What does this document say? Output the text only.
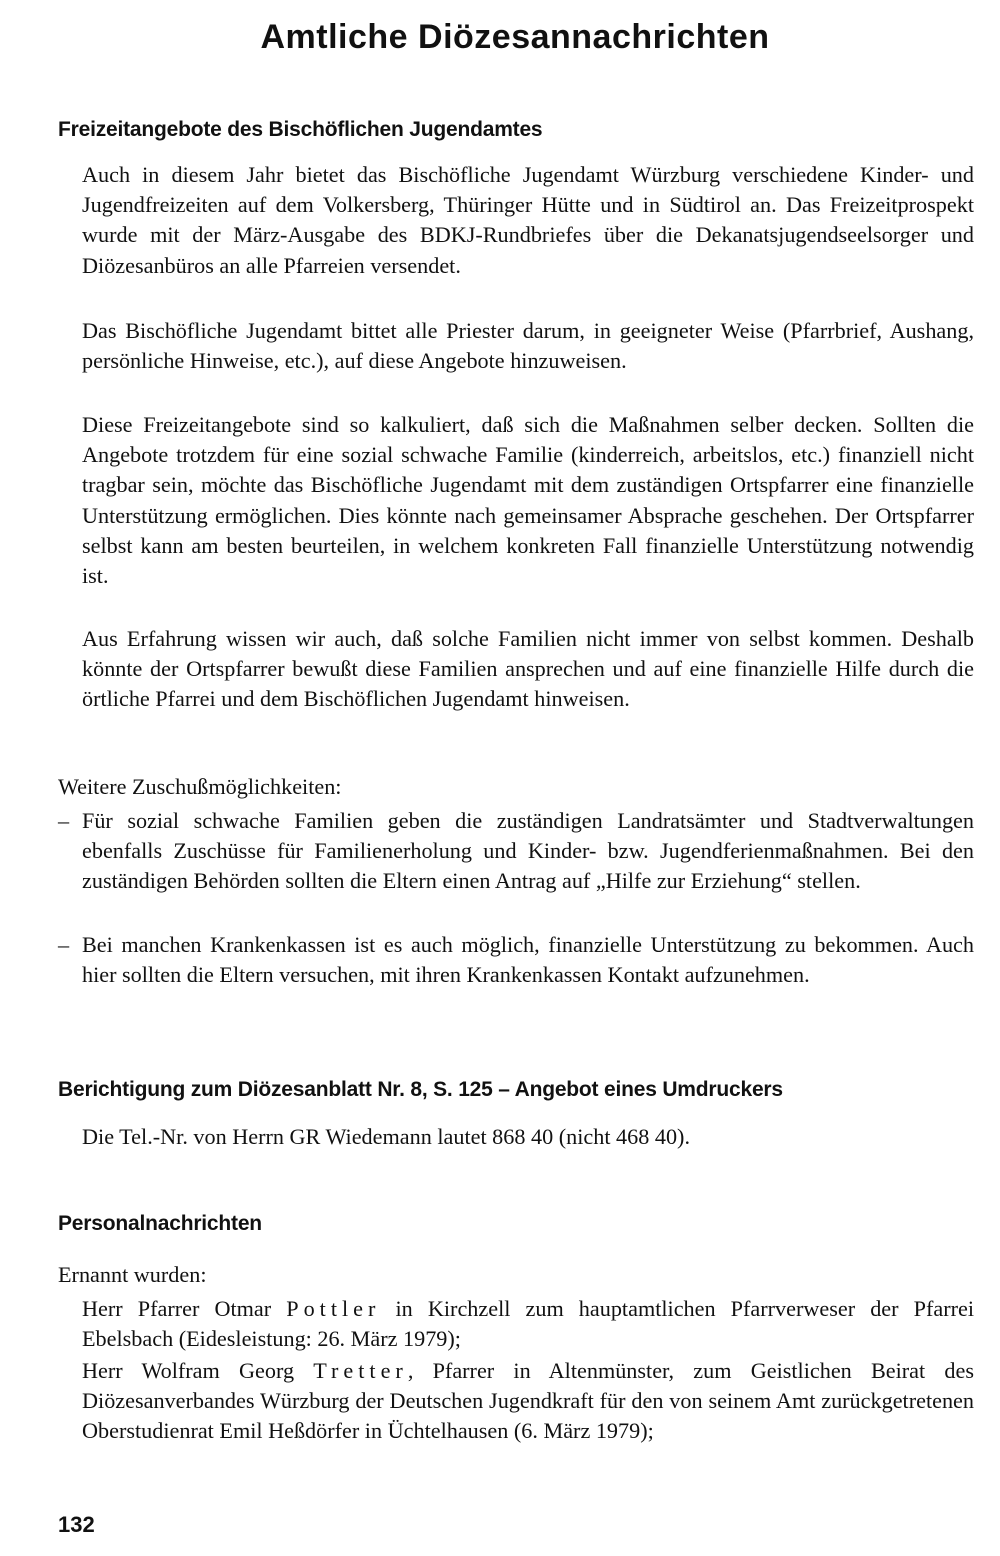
Amtliche Diözesannachrichten
Freizeitangebote des Bischöflichen Jugendamtes

Auch in diesem Jahr bietet das Bischöfliche Jugendamt Würzburg verschiedene Kinder- und Jugendfreizeiten auf dem Volkersberg, Thüringer Hütte und in Südtirol an. Das Freizeitprospekt wurde mit der März-Ausgabe des BDKJ-Rundbriefes über die Dekanatsjugendseelsorger und Diözesanbüros an alle Pfarreien versendet.

Das Bischöfliche Jugendamt bittet alle Priester darum, in geeigneter Weise (Pfarrbrief, Aushang, persönliche Hinweise, etc.), auf diese Angebote hinzuweisen.

Diese Freizeitangebote sind so kalkuliert, daß sich die Maßnahmen selber decken. Sollten die Angebote trotzdem für eine sozial schwache Familie (kinderreich, arbeitslos, etc.) finanziell nicht tragbar sein, möchte das Bischöfliche Jugendamt mit dem zuständigen Ortspfarrer eine finanzielle Unterstützung ermöglichen. Dies könnte nach gemeinsamer Absprache geschehen. Der Ortspfarrer selbst kann am besten beurteilen, in welchem konkreten Fall finanzielle Unterstützung notwendig ist.

Aus Erfahrung wissen wir auch, daß solche Familien nicht immer von selbst kommen. Deshalb könnte der Ortspfarrer bewußt diese Familien ansprechen und auf eine finanzielle Hilfe durch die örtliche Pfarrei und dem Bischöflichen Jugendamt hinweisen.

Weitere Zuschußmöglichkeiten:

– Für sozial schwache Familien geben die zuständigen Landratsämter und Stadtverwaltungen ebenfalls Zuschüsse für Familienerholung und Kinder- bzw. Jugendferienmaßnahmen. Bei den zuständigen Behörden sollten die Eltern einen Antrag auf „Hilfe zur Erziehung“ stellen.

– Bei manchen Krankenkassen ist es auch möglich, finanzielle Unterstützung zu bekommen. Auch hier sollten die Eltern versuchen, mit ihren Krankenkassen Kontakt aufzunehmen.

Berichtigung zum Diözesanblatt Nr. 8, S. 125 – Angebot eines Umdruckers

Die Tel.-Nr. von Herrn GR Wiedemann lautet 868 40 (nicht 468 40).

Personalnachrichten

Ernannt wurden:

Herr Pfarrer Otmar Pottler in Kirchzell zum hauptamtlichen Pfarrverweser der Pfarrei Ebelsbach (Eidesleistung: 26. März 1979);

Herr Wolfram Georg Tretter, Pfarrer in Altenmünster, zum Geistlichen Beirat des Diözesanverbandes Würzburg der Deutschen Jugendkraft für den von seinem Amt zurückgetretenen Oberstudienrat Emil Heßdörfer in Üchtelhausen (6. März 1979);

132
